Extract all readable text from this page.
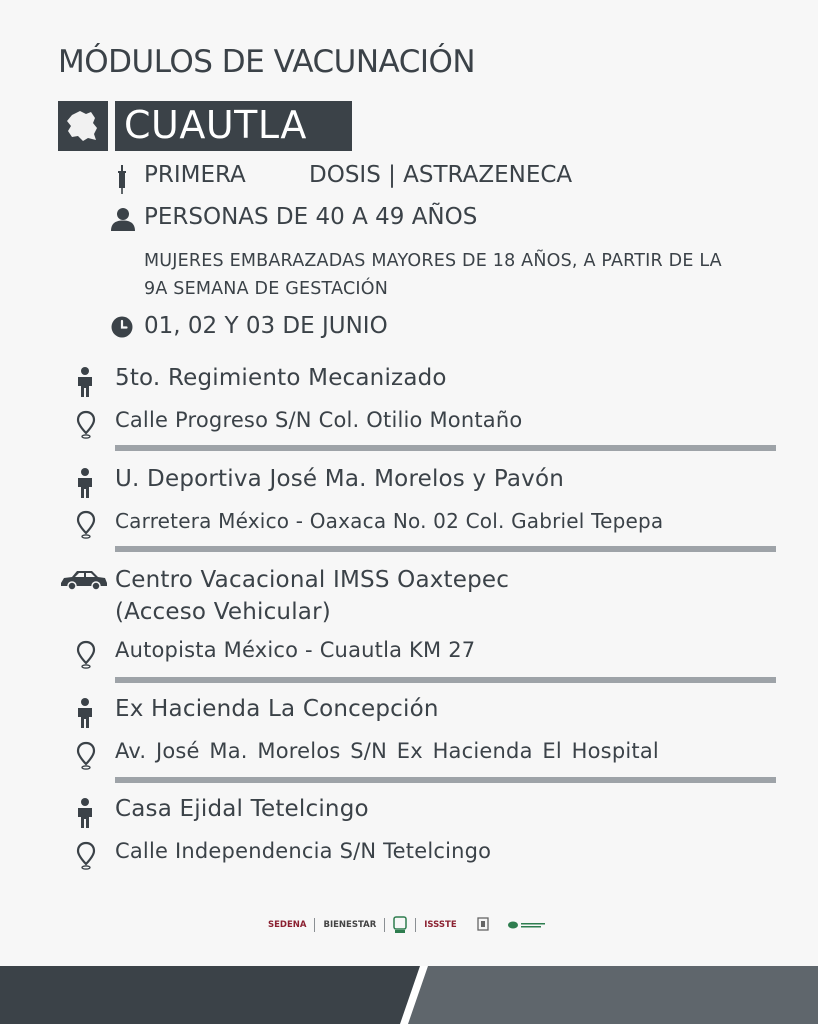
MÓDULOS DE VACUNACIÓN
CUAUTLA
PRIMERA	DOSIS | ASTRAZENECA
PERSONAS DE 40 A 49 AÑOS
MUJERES EMBARAZADAS MAYORES DE 18 AÑOS, A PARTIR DE LA
9A SEMANA DE GESTACIÓN
01, 02 Y 03 DE JUNIO
5to. Regimiento Mecanizado
Calle Progreso S/N Col. Otilio Montaño
U. Deportiva José Ma. Morelos y Pavón
Carretera México - Oaxaca No. 02 Col. Gabriel Tepepa
Centro Vacacional IMSS Oaxtepec
(Acceso Vehicular)
Autopista México - Cuautla KM 27
Ex Hacienda La Concepción
Av.  José  Ma.  Morelos  S/N  Ex  Hacienda  El  Hospital
Casa Ejidal Tetelcingo
Calle Independencia S/N Tetelcingo
SEDENA BIENESTAR	ISSSTE
